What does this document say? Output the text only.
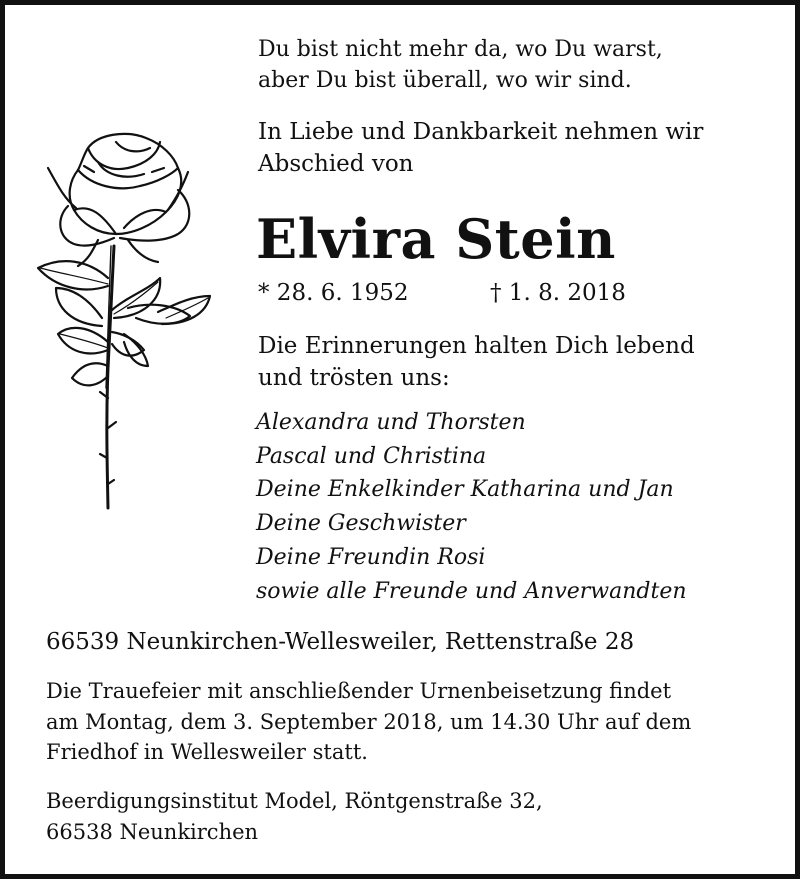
Du bist nicht mehr da, wo Du warst,
aber Du bist überall, wo wir sind.

In Liebe und Dankbarkeit nehmen wir
Abschied von

Elvira Stein

* 28. 6. 1952	† 1. 8. 2018

Die Erinnerungen halten Dich lebend
und trösten uns:

Alexandra und Thorsten
Pascal und Christina
Deine Enkelkinder Katharina und Jan
Deine Geschwister
Deine Freundin Rosi
sowie alle Freunde und Anverwandten

66539 Neunkirchen-Wellesweiler, Rettenstraße 28

Die Trauefeier mit anschließender Urnenbeisetzung findet
am Montag, dem 3. September 2018, um 14.30 Uhr auf dem
Friedhof in Wellesweiler statt.

Beerdigungsinstitut Model, Röntgenstraße 32,
66538 Neunkirchen
